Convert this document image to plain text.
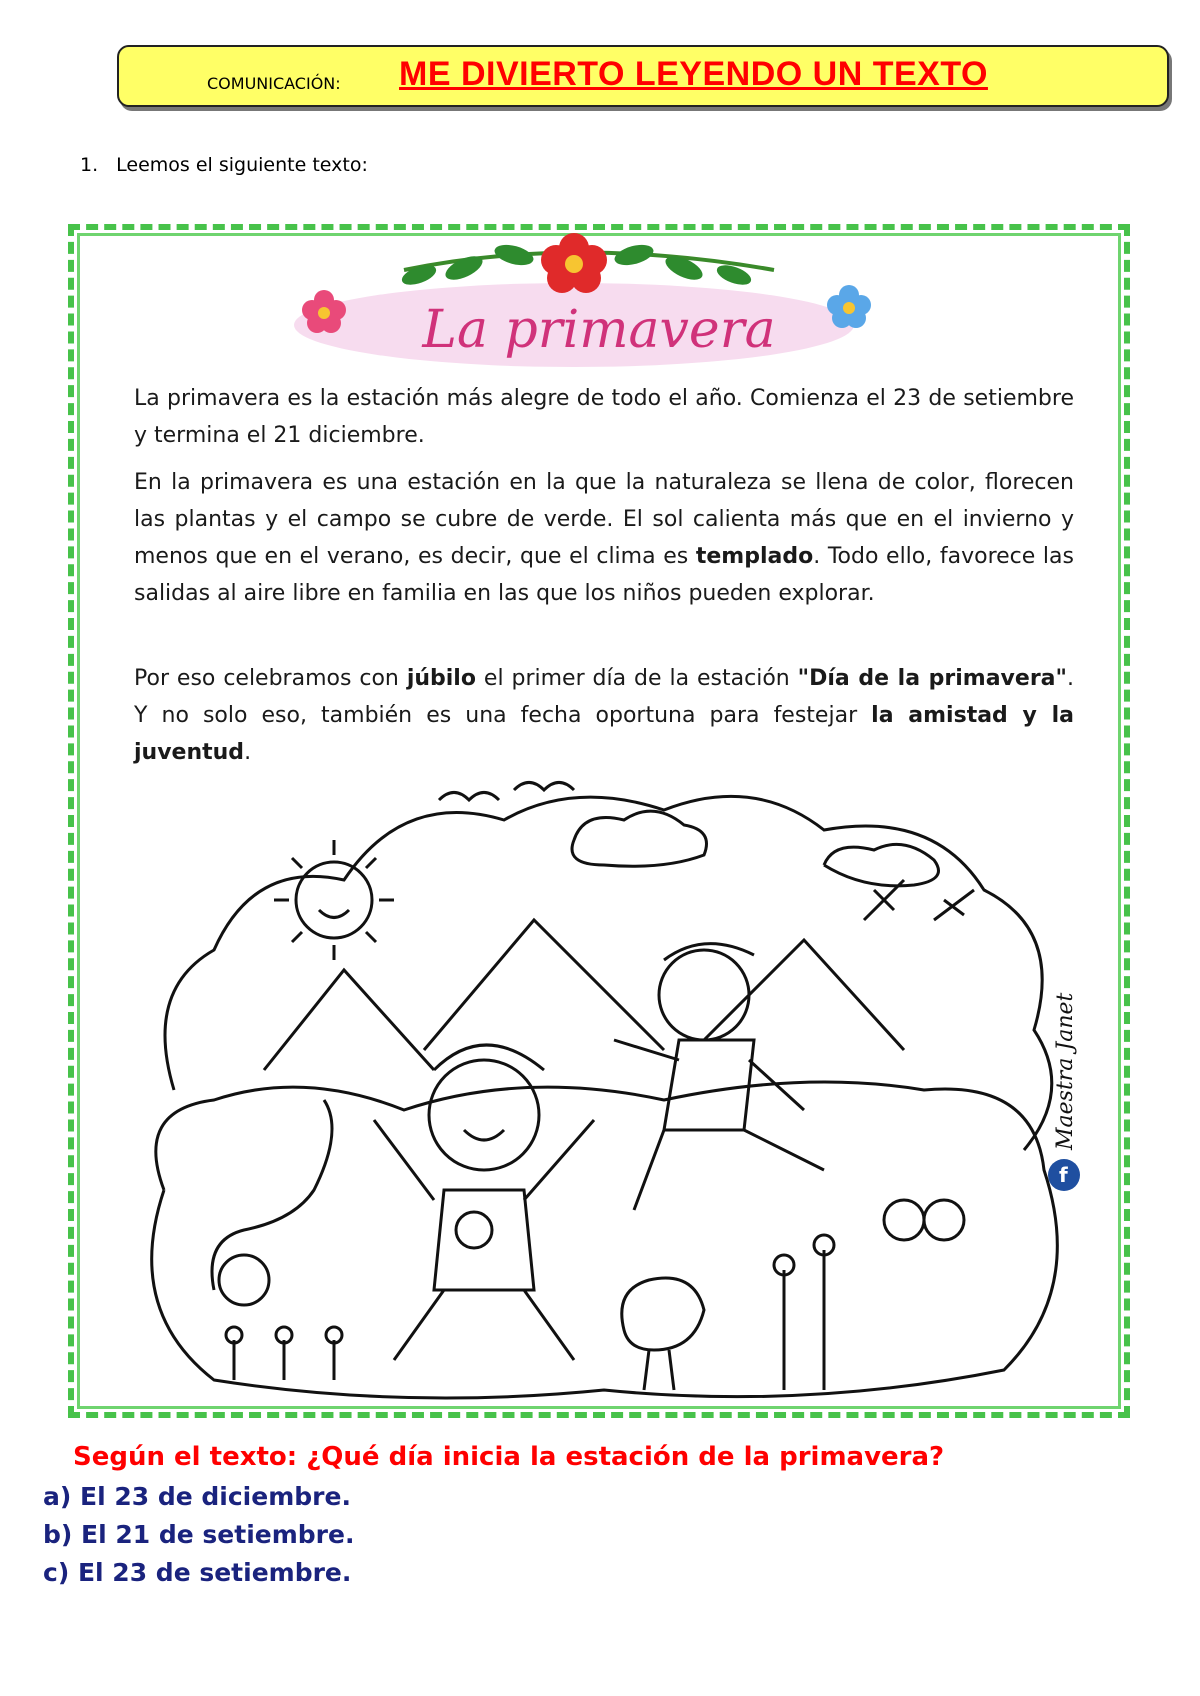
COMUNICACIÓN: ME DIVIERTO LEYENDO UN TEXTO
1. Leemos el siguiente texto:
La primavera
La primavera es la estación más alegre de todo el año. Comienza el 23 de setiembre y termina el 21 diciembre.
En la primavera es una estación en la que la naturaleza se llena de color, florecen las plantas y el campo se cubre de verde. El sol calienta más que en el invierno y menos que en el verano, es decir, que el clima es templado. Todo ello, favorece las salidas al aire libre en familia en las que los niños pueden explorar.
Por eso celebramos con júbilo el primer día de la estación "Día de la primavera". Y no solo eso, también es una fecha oportuna para festejar la amistad y la juventud.
f
Maestra Janet
Según el texto: ¿Qué día inicia la estación de la primavera?
a) El 23 de diciembre.
b) El 21 de setiembre.
c) El 23 de setiembre.
